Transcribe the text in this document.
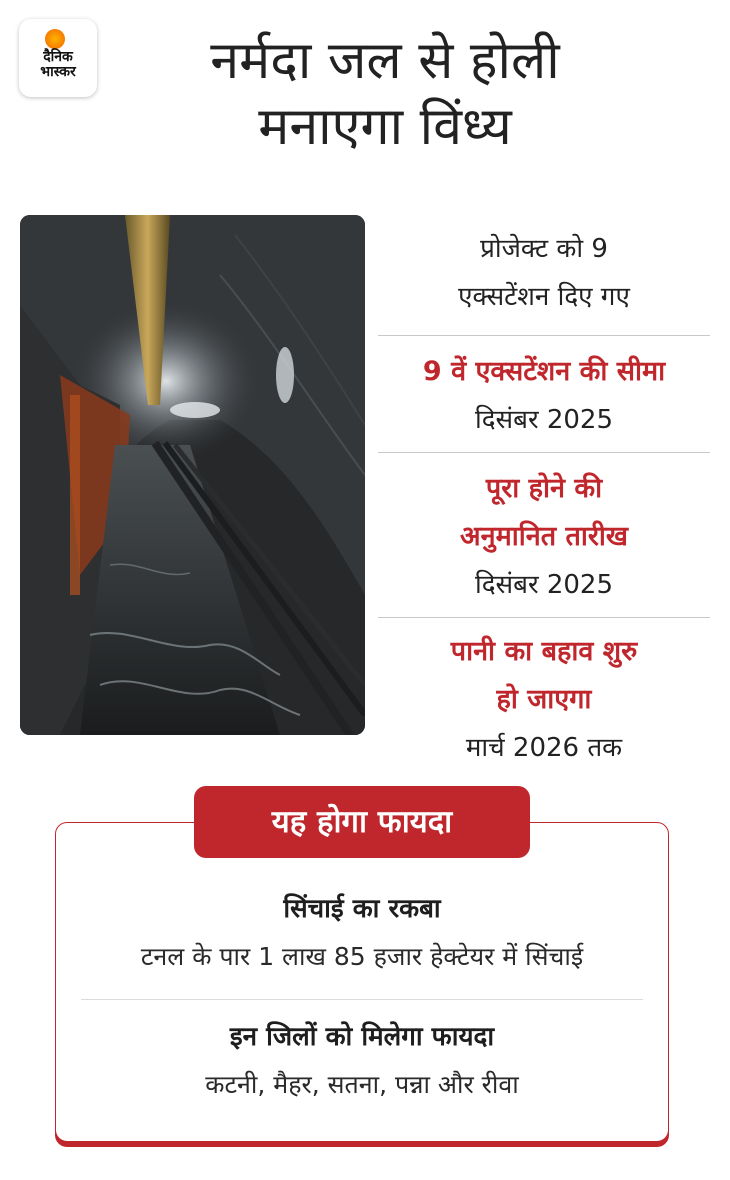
दैनिक
भास्कर	नर्मदा जल से होली
मनाएगा विंध्य
प्रोजेक्ट को 9
एक्सटेंशन दिए गए
9 वें एक्सटेंशन की सीमा
दिसंबर 2025
पूरा होने की
अनुमानित तारीख
दिसंबर 2025
पानी का बहाव शुरु
हो जाएगा
मार्च 2026 तक
सिंचाई का रकबा
टनल के पार 1 लाख 85 हजार हेक्टेयर में सिंचाई
इन जिलों को मिलेगा फायदा
कटनी, मैहर, सतना, पन्ना और रीवा
यह होगा फायदा
